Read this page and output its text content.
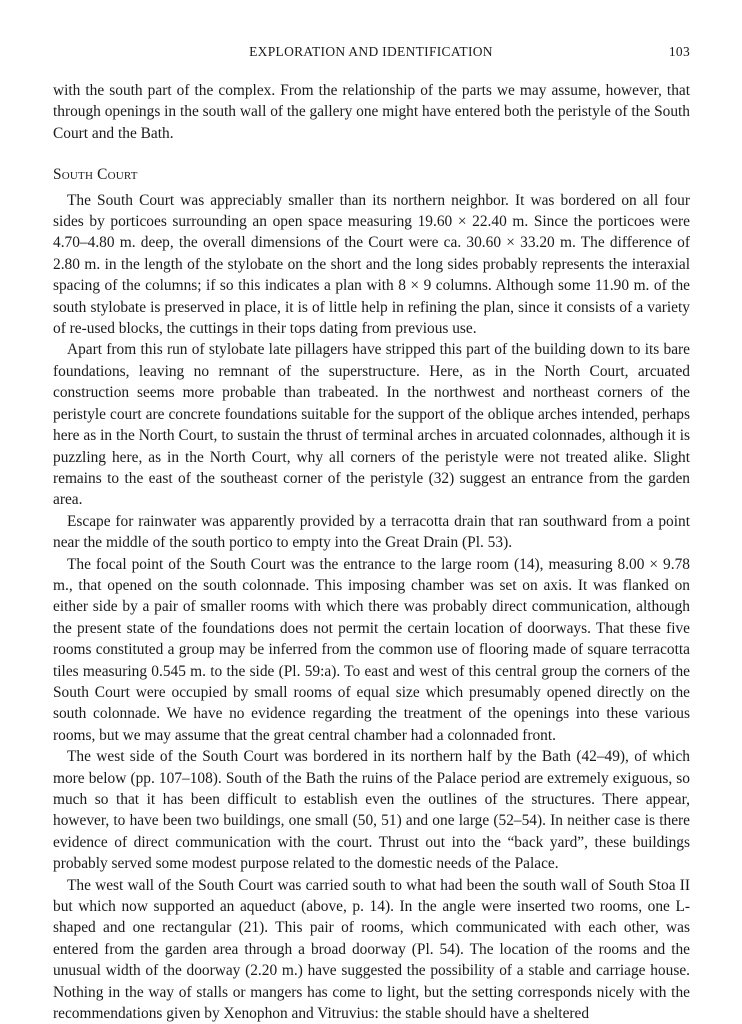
EXPLORATION AND IDENTIFICATION	103

with the south part of the complex. From the relationship of the parts we may assume, however, that through openings in the south wall of the gallery one might have entered both the peristyle of the South Court and the Bath.

South Court

The South Court was appreciably smaller than its northern neighbor. It was bordered on all four sides by porticoes surrounding an open space measuring 19.60 × 22.40 m. Since the porticoes were 4.70–4.80 m. deep, the overall dimensions of the Court were ca. 30.60 × 33.20 m. The difference of 2.80 m. in the length of the stylobate on the short and the long sides probably represents the interaxial spacing of the columns; if so this indicates a plan with 8 × 9 columns. Although some 11.90 m. of the south stylobate is preserved in place, it is of little help in refining the plan, since it consists of a variety of re-used blocks, the cuttings in their tops dating from previous use.

Apart from this run of stylobate late pillagers have stripped this part of the building down to its bare foundations, leaving no remnant of the superstructure. Here, as in the North Court, arcuated construction seems more probable than trabeated. In the northwest and northeast corners of the peristyle court are concrete foundations suitable for the support of the oblique arches intended, perhaps here as in the North Court, to sustain the thrust of terminal arches in arcuated colonnades, although it is puzzling here, as in the North Court, why all corners of the peristyle were not treated alike. Slight remains to the east of the southeast corner of the peristyle (32) suggest an entrance from the garden area.

Escape for rainwater was apparently provided by a terracotta drain that ran southward from a point near the middle of the south portico to empty into the Great Drain (Pl. 53).

The focal point of the South Court was the entrance to the large room (14), measuring 8.00 × 9.78 m., that opened on the south colonnade. This imposing chamber was set on axis. It was flanked on either side by a pair of smaller rooms with which there was probably direct communication, although the present state of the foundations does not permit the certain location of doorways. That these five rooms constituted a group may be inferred from the common use of flooring made of square terracotta tiles measuring 0.545 m. to the side (Pl. 59:a). To east and west of this central group the corners of the South Court were occupied by small rooms of equal size which presumably opened directly on the south colonnade. We have no evidence regarding the treatment of the openings into these various rooms, but we may assume that the great central chamber had a colonnaded front.

The west side of the South Court was bordered in its northern half by the Bath (42–49), of which more below (pp. 107–108). South of the Bath the ruins of the Palace period are extremely exiguous, so much so that it has been difficult to establish even the outlines of the structures. There appear, however, to have been two buildings, one small (50, 51) and one large (52–54). In neither case is there evidence of direct communication with the court. Thrust out into the “back yard”, these buildings probably served some modest purpose related to the domestic needs of the Palace.

The west wall of the South Court was carried south to what had been the south wall of South Stoa II but which now supported an aqueduct (above, p. 14). In the angle were inserted two rooms, one L-shaped and one rectangular (21). This pair of rooms, which communicated with each other, was entered from the garden area through a broad doorway (Pl. 54). The location of the rooms and the unusual width of the doorway (2.20 m.) have suggested the possibility of a stable and carriage house. Nothing in the way of stalls or mangers has come to light, but the setting corresponds nicely with the recommendations given by Xenophon and Vitruvius: the stable should have a sheltered
